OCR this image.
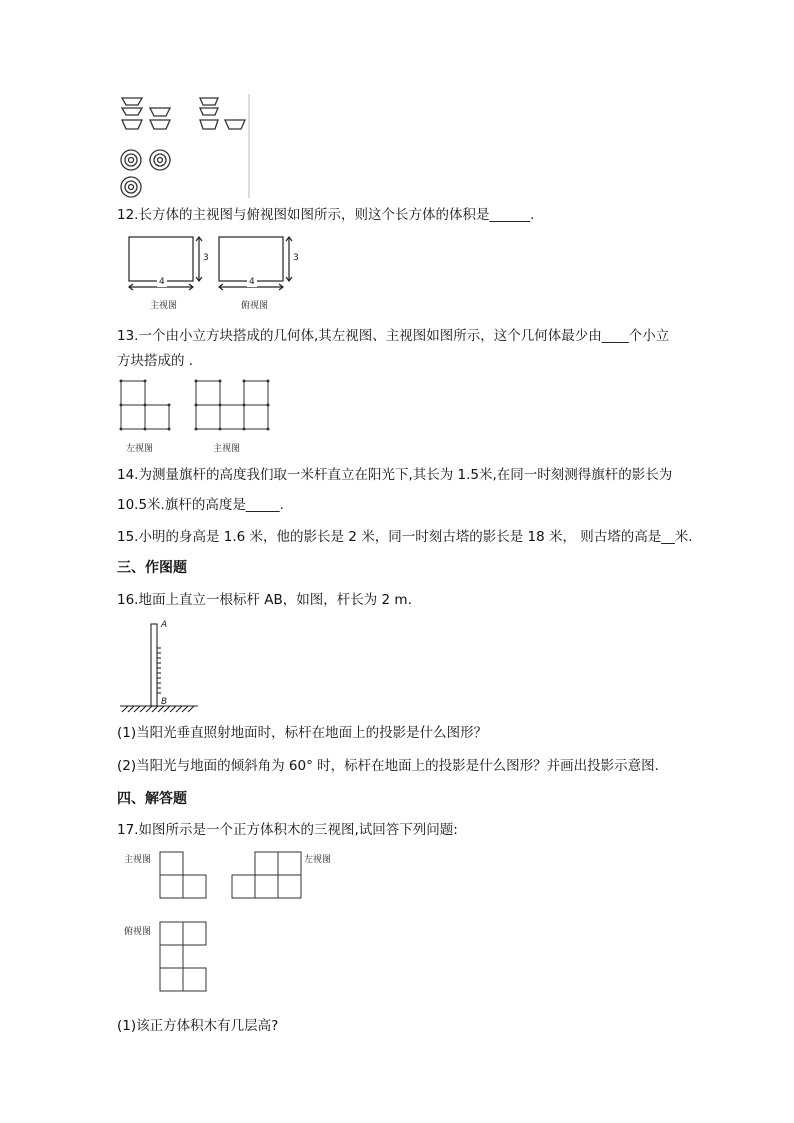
12.长方体的主视图与俯视图如图所示，则这个长方体的体积是______.
3
4
主视图
3
4
俯视图
13.一个由小立方块搭成的几何体,其左视图、主视图如图所示，这个几何体最少由____个小立
方块搭成的 .
左视图	主视图
14.为测量旗杆的高度我们取一米杆直立在阳光下,其长为 1.5米,在同一时刻测得旗杆的影长为
10.5米.旗杆的高度是_____.
15.小明的身高是 1.6 米，他的影长是 2 米，同一时刻古塔的影长是 18 米， 则古塔的高是__米.
三、作图题
16.地面上直立一根标杆 AB，如图，杆长为 2 m.
A
B
(1)当阳光垂直照射地面时，标杆在地面上的投影是什么图形？
(2)当阳光与地面的倾斜角为 60° 时，标杆在地面上的投影是什么图形？并画出投影示意图.
四、解答题
17.如图所示是一个正方体积木的三视图,试回答下列问题:
主视图	左视图
俯视图
(1)该正方体积木有几层高?
